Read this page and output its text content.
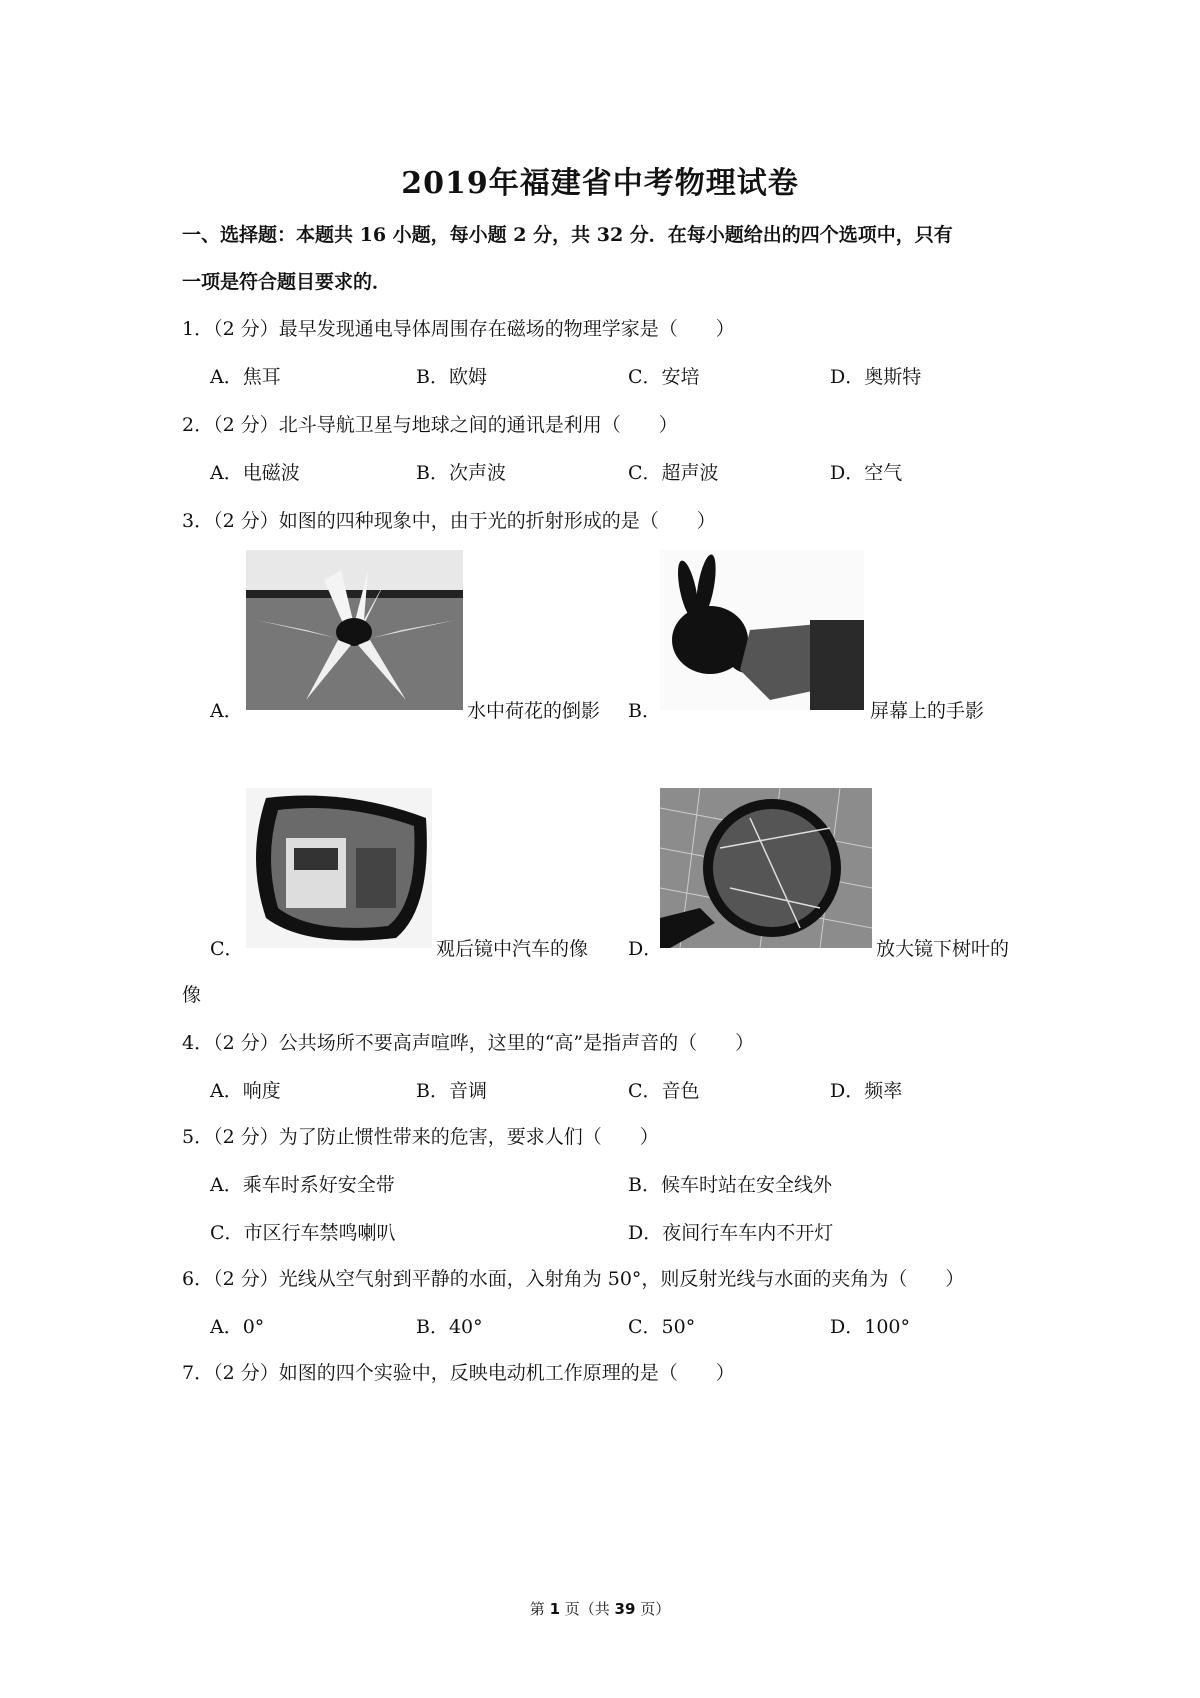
2019年福建省中考物理试卷
一、选择题：本题共 16 小题，每小题 2 分，共 32 分．在每小题给出的四个选项中，只有
一项是符合题目要求的．
1．（2 分）最早发现通电导体周围存在磁场的物理学家是（　　）
A．焦耳	B．欧姆	C．安培	D．奥斯特
2．（2 分）北斗导航卫星与地球之间的通讯是利用（　　）
A．电磁波	B．次声波	C．超声波	D．空气
3．（2 分）如图的四种现象中，由于光的折射形成的是（　　）
A．	水中荷花的倒影 B．	屏幕上的手影
C．	观后镜中汽车的像 D．	放大镜下树叶的
像
4．（2 分）公共场所不要高声喧哗，这里的“高”是指声音的（　　）
A．响度	B．音调	C．音色	D．频率
5．（2 分）为了防止惯性带来的危害，要求人们（　　）
A．乘车时系好安全带	B．候车时站在安全线外
C．市区行车禁鸣喇叭	D．夜间行车车内不开灯
6．（2 分）光线从空气射到平静的水面，入射角为 50°，则反射光线与水面的夹角为（　　）
A．0°	B．40°	C．50°	D．100°
7．（2 分）如图的四个实验中，反映电动机工作原理的是（　　）
第 1 页（共 39 页）
